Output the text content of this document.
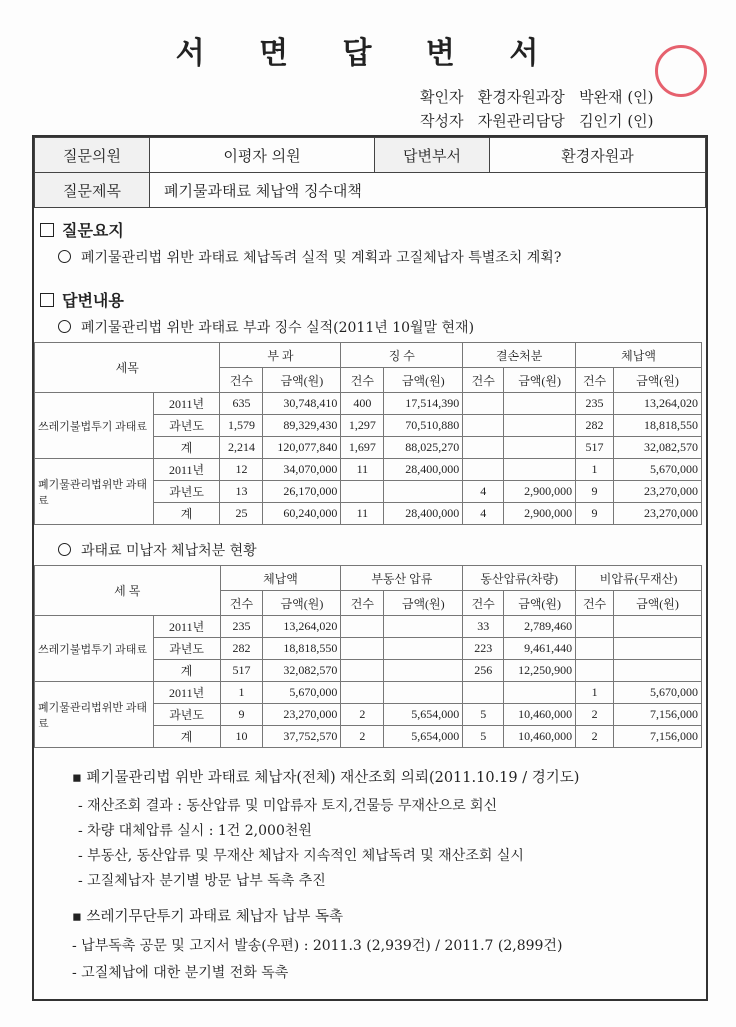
서 면 답 변 서
확인자 환경자원과장 박완재 (인)
작성자 자원관리담당 김인기 (인)
질문의원	이평자 의원	답변부서	환경자원과
질문제목	폐기물과태료 체납액 징수대책		
질문요지
폐기물관리법 위반 과태료 체납독려 실적 및 계획과 고질체납자 특별조치 계획?
답변내용
폐기물관리법 위반 과태료 부과 징수 실적(2011년 10월말 현재)
세목		부 과		징 수		결손처분		체납액	
		건수	금액(원)	건수	금액(원)	건수	금액(원)	건수	금액(원)
쓰레기불법투기 과태료	2011년	635	30,748,410	400	17,514,390			235	13,264,020
	과년도	1,579	89,329,430	1,297	70,510,880			282	18,818,550
	계	2,214	120,077,840	1,697	88,025,270			517	32,082,570
폐기물관리법위반 과태료	2011년	12	34,070,000	11	28,400,000			1	5,670,000
	과년도	13	26,170,000			4	2,900,000	9	23,270,000
	계	25	60,240,000	11	28,400,000	4	2,900,000	9	23,270,000
과태료 미납자 체납처분 현황
세 목		체납액		부동산 압류		동산압류(차량)		비압류(무재산)	
		건수	금액(원)	건수	금액(원)	건수	금액(원)	건수	금액(원)
쓰레기불법투기 과태료	2011년	235	13,264,020			33	2,789,460		
	과년도	282	18,818,550			223	9,461,440		
	계	517	32,082,570			256	12,250,900		
폐기물관리법위반 과태료	2011년	1	5,670,000					1	5,670,000
	과년도	9	23,270,000	2	5,654,000	5	10,460,000	2	7,156,000
	계	10	37,752,570	2	5,654,000	5	10,460,000	2	7,156,000
▪ 폐기물관리법 위반 과태료 체납자(전체) 재산조회 의뢰(2011.10.19 / 경기도)
- 재산조회 결과 : 동산압류 및 미압류자 토지,건물등 무재산으로 회신
- 차량 대체압류 실시 : 1건 2,000천원
- 부동산, 동산압류 및 무재산 체납자 지속적인 체납독려 및 재산조회 실시
- 고질체납자 분기별 방문 납부 독촉 추진
▪ 쓰레기무단투기 과태료 체납자 납부 독촉
- 납부독촉 공문 및 고지서 발송(우편) : 2011.3 (2,939건) / 2011.7 (2,899건)
- 고질체납에 대한 분기별 전화 독촉
